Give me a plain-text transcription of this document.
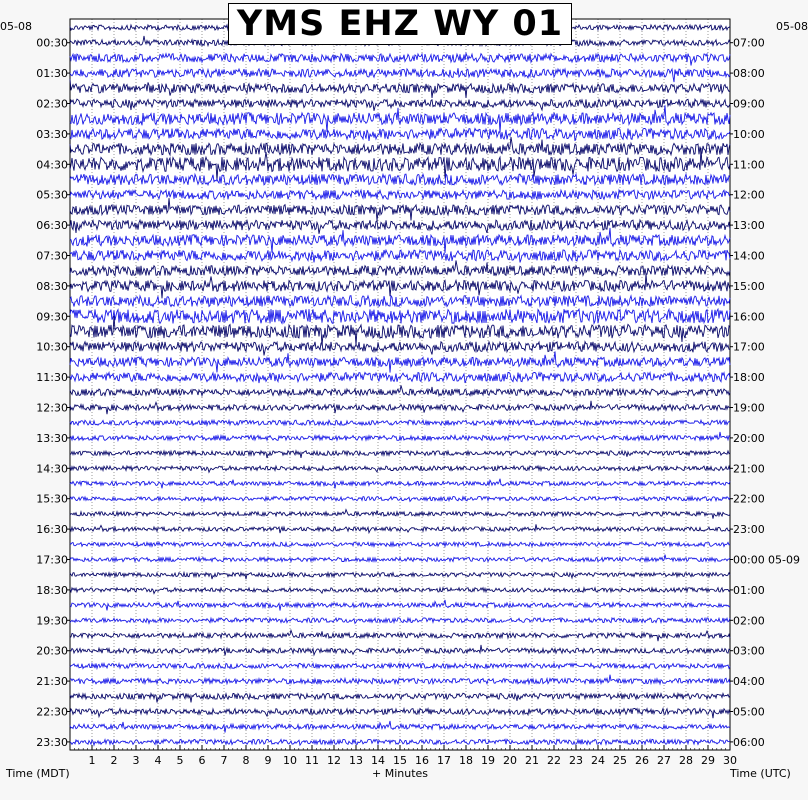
1 2 3 4 5 6 7 8 9 10 11 12 13 14 15 16 17 18 19 20 21 22 23 24 25 26 27 28 29 30
00:30
01:30
02:30
03:30
04:30
05:30
06:30
07:30
08:30
09:30
10:30
11:30
12:30
13:30
14:30
15:30
16:30
17:30
18:30
19:30
20:30
21:30
22:30
23:30
07:00
08:00
09:00
10:00
11:00
12:00
13:00
14:00
15:00
16:00
17:00
18:00
19:00
20:00
21:00
22:00
23:00
00:00 05-09
01:00
02:00
03:00
04:00
05:00
06:00
YMS EHZ WY 01
05-08	05-08
Time (MDT)	+ Minutes	Time (UTC)
